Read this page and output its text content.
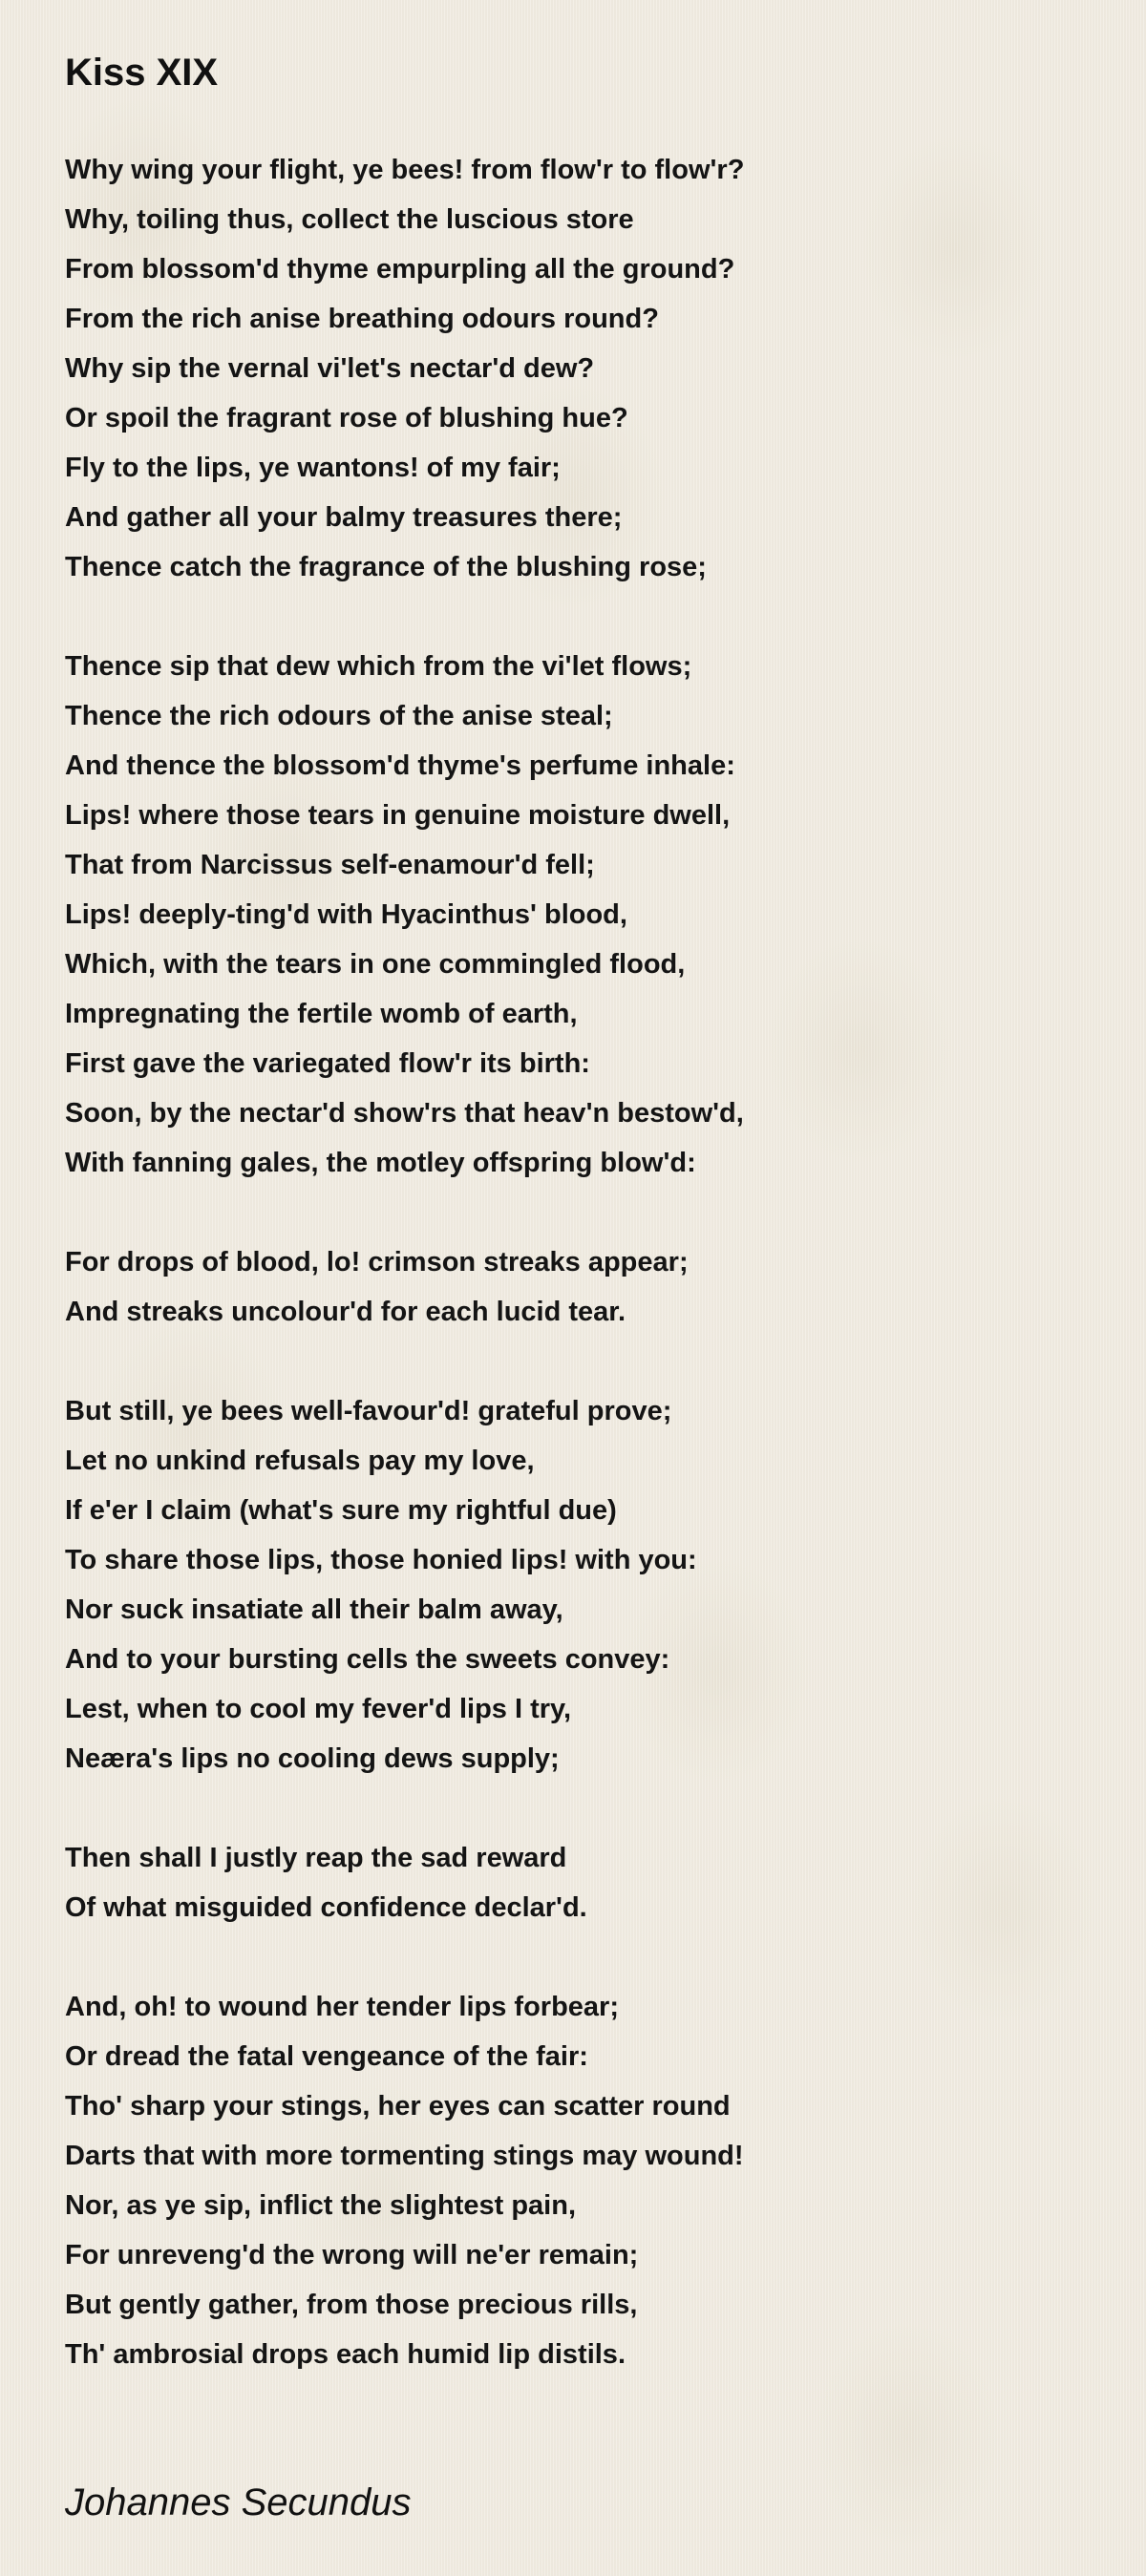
Kiss XIX
Why wing your flight, ye bees! from flow'r to flow'r?
Why, toiling thus, collect the luscious store
From blossom'd thyme empurpling all the ground?
From the rich anise breathing odours round?
Why sip the vernal vi'let's nectar'd dew?
Or spoil the fragrant rose of blushing hue?
Fly to the lips, ye wantons! of my fair;
And gather all your balmy treasures there;
Thence catch the fragrance of the blushing rose;
Thence sip that dew which from the vi'let flows;
Thence the rich odours of the anise steal;
And thence the blossom'd thyme's perfume inhale:
Lips! where those tears in genuine moisture dwell,
That from Narcissus self-enamour'd fell;
Lips! deeply-ting'd with Hyacinthus' blood,
Which, with the tears in one commingled flood,
Impregnating the fertile womb of earth,
First gave the variegated flow'r its birth:
Soon, by the nectar'd show'rs that heav'n bestow'd,
With fanning gales, the motley offspring blow'd:
For drops of blood, lo! crimson streaks appear;
And streaks uncolour'd for each lucid tear.
But still, ye bees well-favour'd! grateful prove;
Let no unkind refusals pay my love,
If e'er I claim (what's sure my rightful due)
To share those lips, those honied lips! with you:
Nor suck insatiate all their balm away,
And to your bursting cells the sweets convey:
Lest, when to cool my fever'd lips I try,
Neæra's lips no cooling dews supply;
Then shall I justly reap the sad reward
Of what misguided confidence declar'd.
And, oh! to wound her tender lips forbear;
Or dread the fatal vengeance of the fair:
Tho' sharp your stings, her eyes can scatter round
Darts that with more tormenting stings may wound!
Nor, as ye sip, inflict the slightest pain,
For unreveng'd the wrong will ne'er remain;
But gently gather, from those precious rills,
Th' ambrosial drops each humid lip distils.
Johannes Secundus
